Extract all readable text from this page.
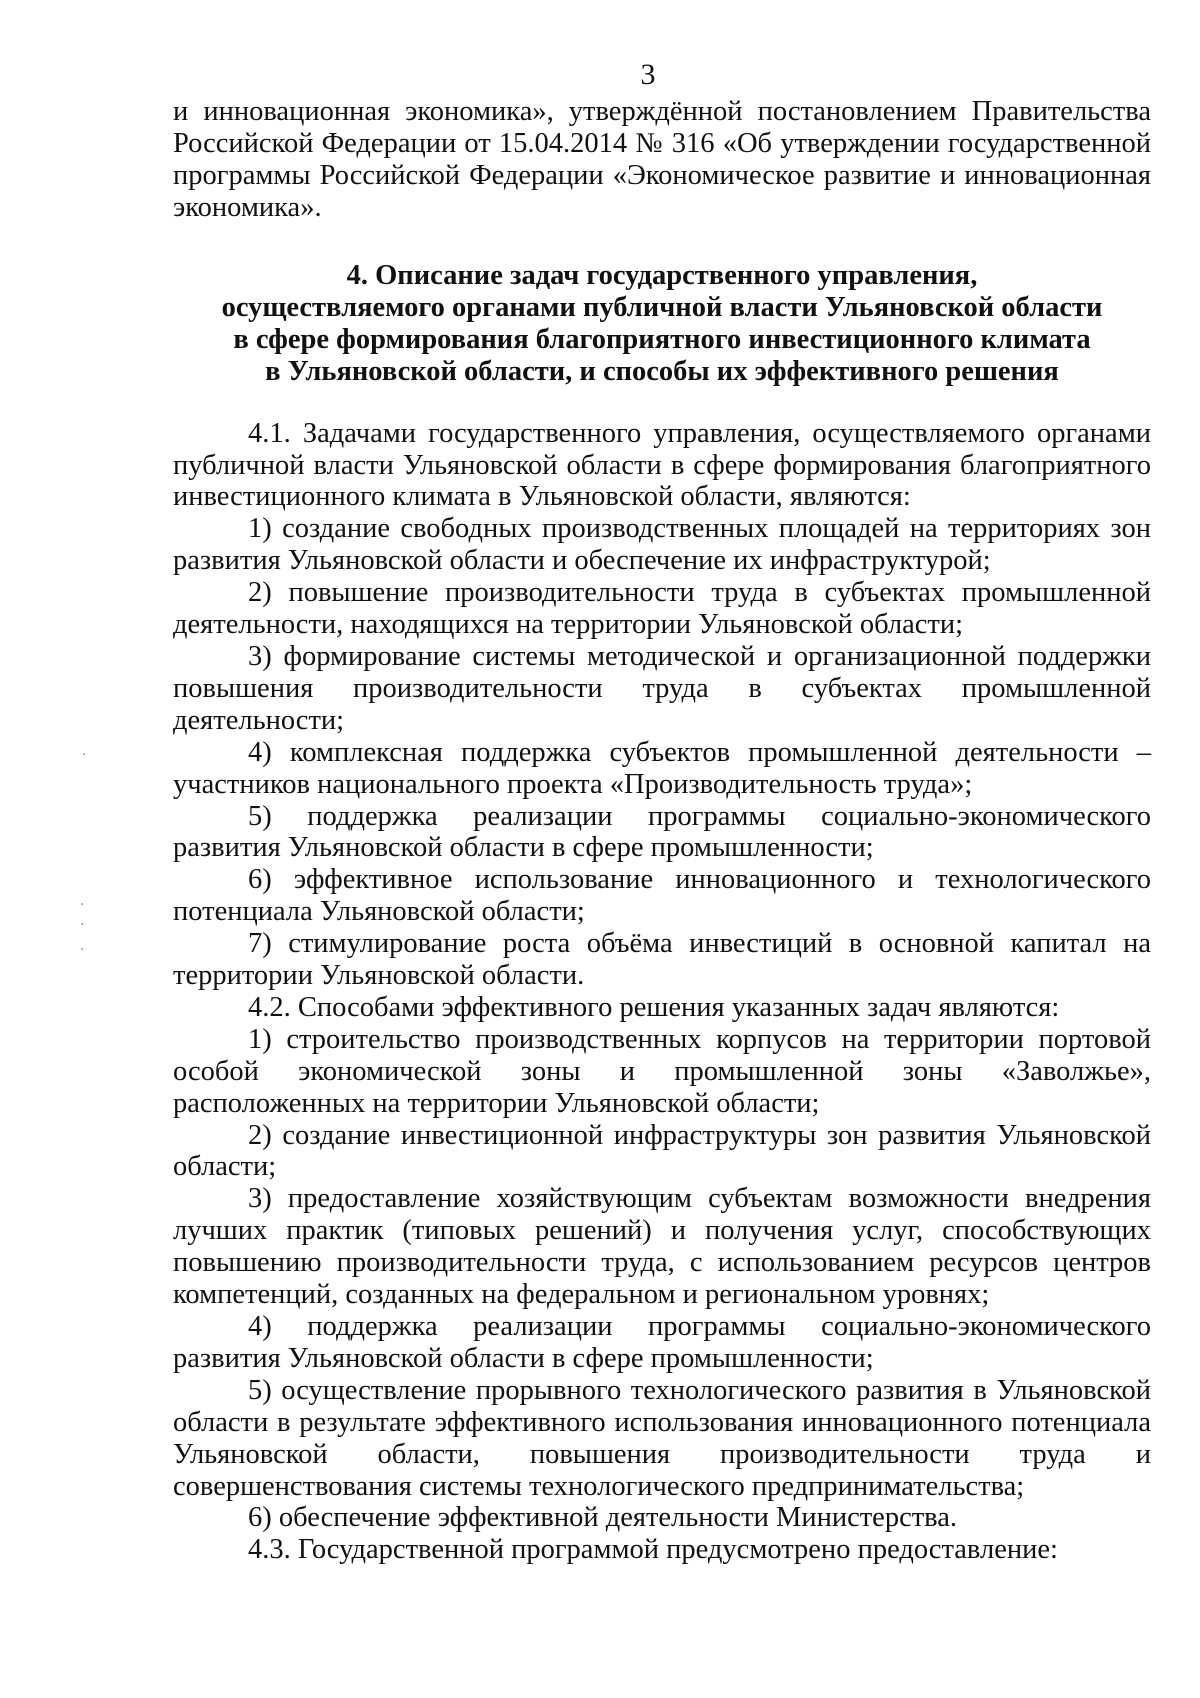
3

и инновационная экономика», утверждённой постановлением Правительства Российской Федерации от 15.04.2014 № 316 «Об утверждении государственной программы Российской Федерации «Экономическое развитие и инновационная экономика».

4. Описание задач государственного управления,
осуществляемого органами публичной власти Ульяновской области
в сфере формирования благоприятного инвестиционного климата
в Ульяновской области, и способы их эффективного решения

4.1. Задачами государственного управления, осуществляемого органами публичной власти Ульяновской области в сфере формирования благоприятного инвестиционного климата в Ульяновской области, являются:

1) создание свободных производственных площадей на территориях зон развития Ульяновской области и обеспечение их инфраструктурой;

2) повышение производительности труда в субъектах промышленной деятельности, находящихся на территории Ульяновской области;

3) формирование системы методической и организационной поддержки повышения производительности труда в субъектах промышленной деятельности;

4) комплексная поддержка субъектов промышленной деятельности – участников национального проекта «Производительность труда»;

5) поддержка реализации программы социально-экономического развития Ульяновской области в сфере промышленности;

6) эффективное использование инновационного и технологического потенциала Ульяновской области;

7) стимулирование роста объёма инвестиций в основной капитал на территории Ульяновской области.

4.2. Способами эффективного решения указанных задач являются:

1) строительство производственных корпусов на территории портовой особой экономической зоны и промышленной зоны «Заволжье», расположенных на территории Ульяновской области;

2) создание инвестиционной инфраструктуры зон развития Ульяновской области;

3) предоставление хозяйствующим субъектам возможности внедрения лучших практик (типовых решений) и получения услуг, способствующих повышению производительности труда, с использованием ресурсов центров компетенций, созданных на федеральном и региональном уровнях;

4) поддержка реализации программы социально-экономического развития Ульяновской области в сфере промышленности;

5) осуществление прорывного технологического развития в Ульяновской области в результате эффективного использования инновационного потенциала Ульяновской области, повышения производительности труда и совершенствования системы технологического предпринимательства;

6) обеспечение эффективной деятельности Министерства.

4.3. Государственной программой предусмотрено предоставление:

·
·
·
·
